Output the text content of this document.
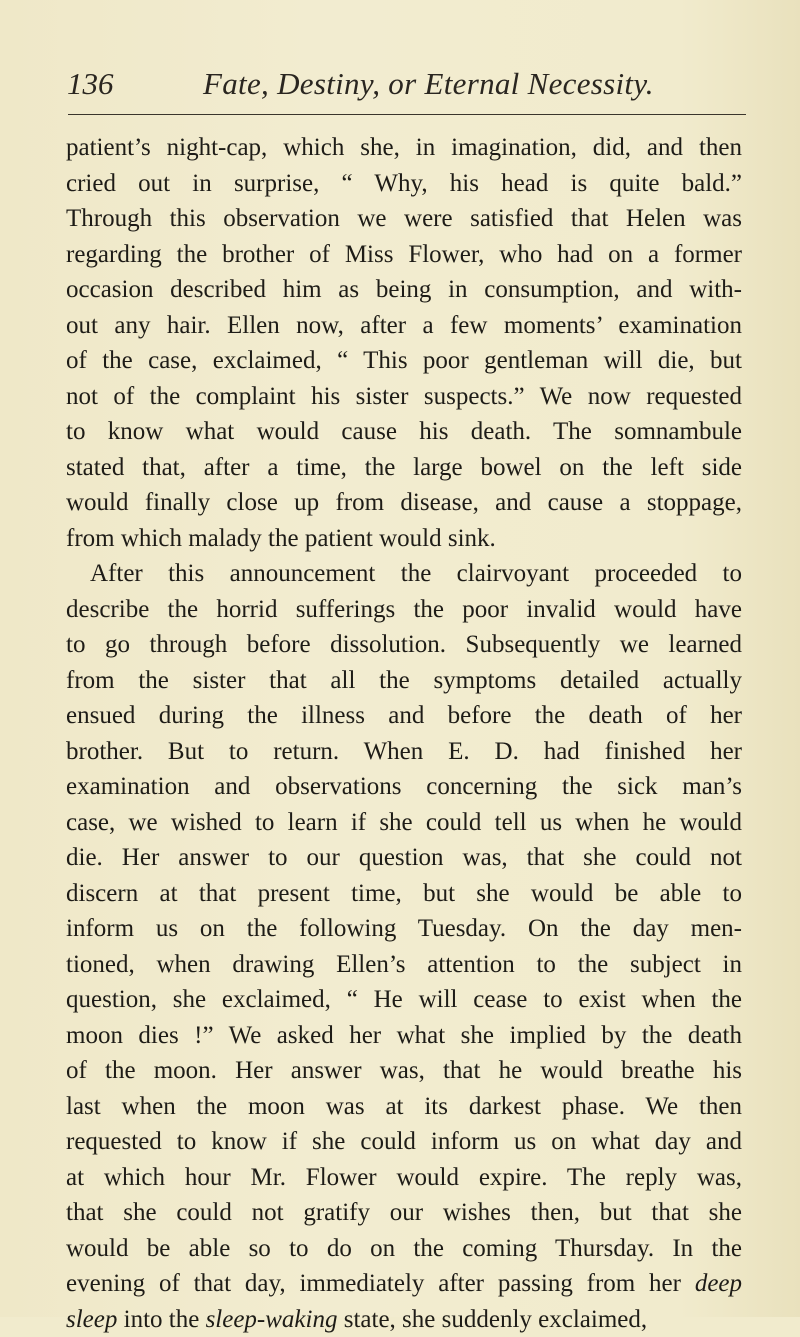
136	Fate, Destiny, or Eternal Necessity.
patient’s night-cap, which she, in imagination, did, and then
cried out in surprise, “ Why, his head is quite bald.”
Through this observation we were satisfied that Helen was
regarding the brother of Miss Flower, who had on a former
occasion described him as being in consumption, and with-
out any hair. Ellen now, after a few moments’ examination
of the case, exclaimed, “ This poor gentleman will die, but
not of the complaint his sister suspects.” We now requested
to know what would cause his death. The somnambule
stated that, after a time, the large bowel on the left side
would finally close up from disease, and cause a stoppage,
from which malady the patient would sink.
After this announcement the clairvoyant proceeded to
describe the horrid sufferings the poor invalid would have
to go through before dissolution. Subsequently we learned
from the sister that all the symptoms detailed actually
ensued during the illness and before the death of her
brother. But to return. When E. D. had finished her
examination and observations concerning the sick man’s
case, we wished to learn if she could tell us when he would
die. Her answer to our question was, that she could not
discern at that present time, but she would be able to
inform us on the following Tuesday. On the day men-
tioned, when drawing Ellen’s attention to the subject in
question, she exclaimed, “ He will cease to exist when the
moon dies !” We asked her what she implied by the death
of the moon. Her answer was, that he would breathe his
last when the moon was at its darkest phase. We then
requested to know if she could inform us on what day and
at which hour Mr. Flower would expire. The reply was,
that she could not gratify our wishes then, but that she
would be able so to do on the coming Thursday. In the
evening of that day, immediately after passing from her deep
sleep into the sleep-waking state, she suddenly exclaimed,
